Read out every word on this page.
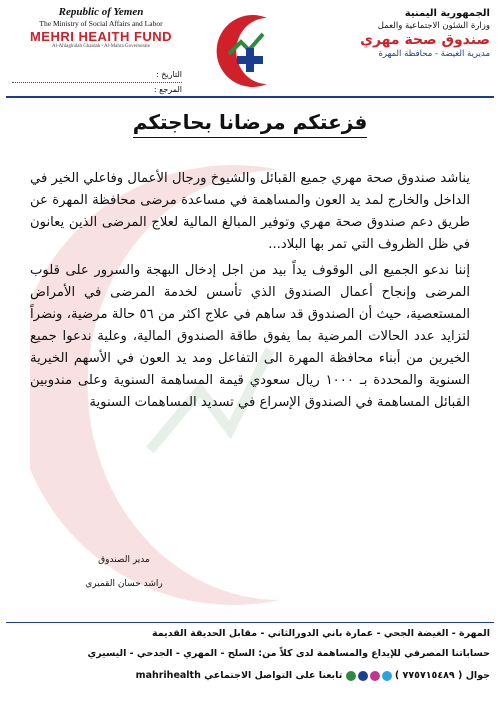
Republic of Yemen
The Ministry of Social Affairs and Labor
MEHRI HEAITH FUND
Al-Ahlaghidah Ghaidah - Al-Mahra Governorate
التاريخ :
المرجع :
الجمهورية اليمنية
وزارة الشئون الاجتماعية والعمل
صندوق صحة مهري
مديرية الغيضة - محافظة المهرة
فزعتكم مرضانا بحاجتكم

يناشد صندوق صحة مهري جميع القبائل والشيوخ ورجال الأعمال وفاعلي الخير في الداخل والخارج لمد يد العون والمساهمة في مساعدة مرضى محافظة المهرة عن طريق دعم صندوق صحة مهري وتوفير المبالغ المالية لعلاج المرضى الذين يعانون في ظل الظروف التي تمر بها البلاد...

إننا ندعو الجميع الى الوقوف يداً بيد من اجل إدخال البهجة والسرور على قلوب المرضى وإنجاح أعمال الصندوق الذي تأسس لخدمة المرضى في الأمراض المستعصية، حيث أن الصندوق قد ساهم في علاج اكثر من ٥٦ حالة مرضية، ونضراً لتزايد عدد الحالات المرضية بما يفوق طاقة الصندوق المالية، وعلية ندعوا جميع الخيرين من أبناء محافظة المهرة الى التفاعل ومد يد العون في الأسهم الخيرية السنوية والمحددة بـ ١٠٠٠ ريال سعودي قيمة المساهمة السنوية وعلى مندوبين القبائل المساهمة في الصندوق الإسراع في تسديد المساهمات السنوية

مدير الصندوق
راشد حسان القميري
المهرة - الغيضة الجحي - عمارة باني الدورالثاني - مقابل الحديقة القديمة
حساباتنا المصرفي للإيداع والمساهمة لدى كلاً من: السلح - المهري - الجدحي - اليسيري
جوال ( ٧٧٥٧١٥٤٨٩ )
تابعنا على التواصل الاجتماعي mahrihealth
